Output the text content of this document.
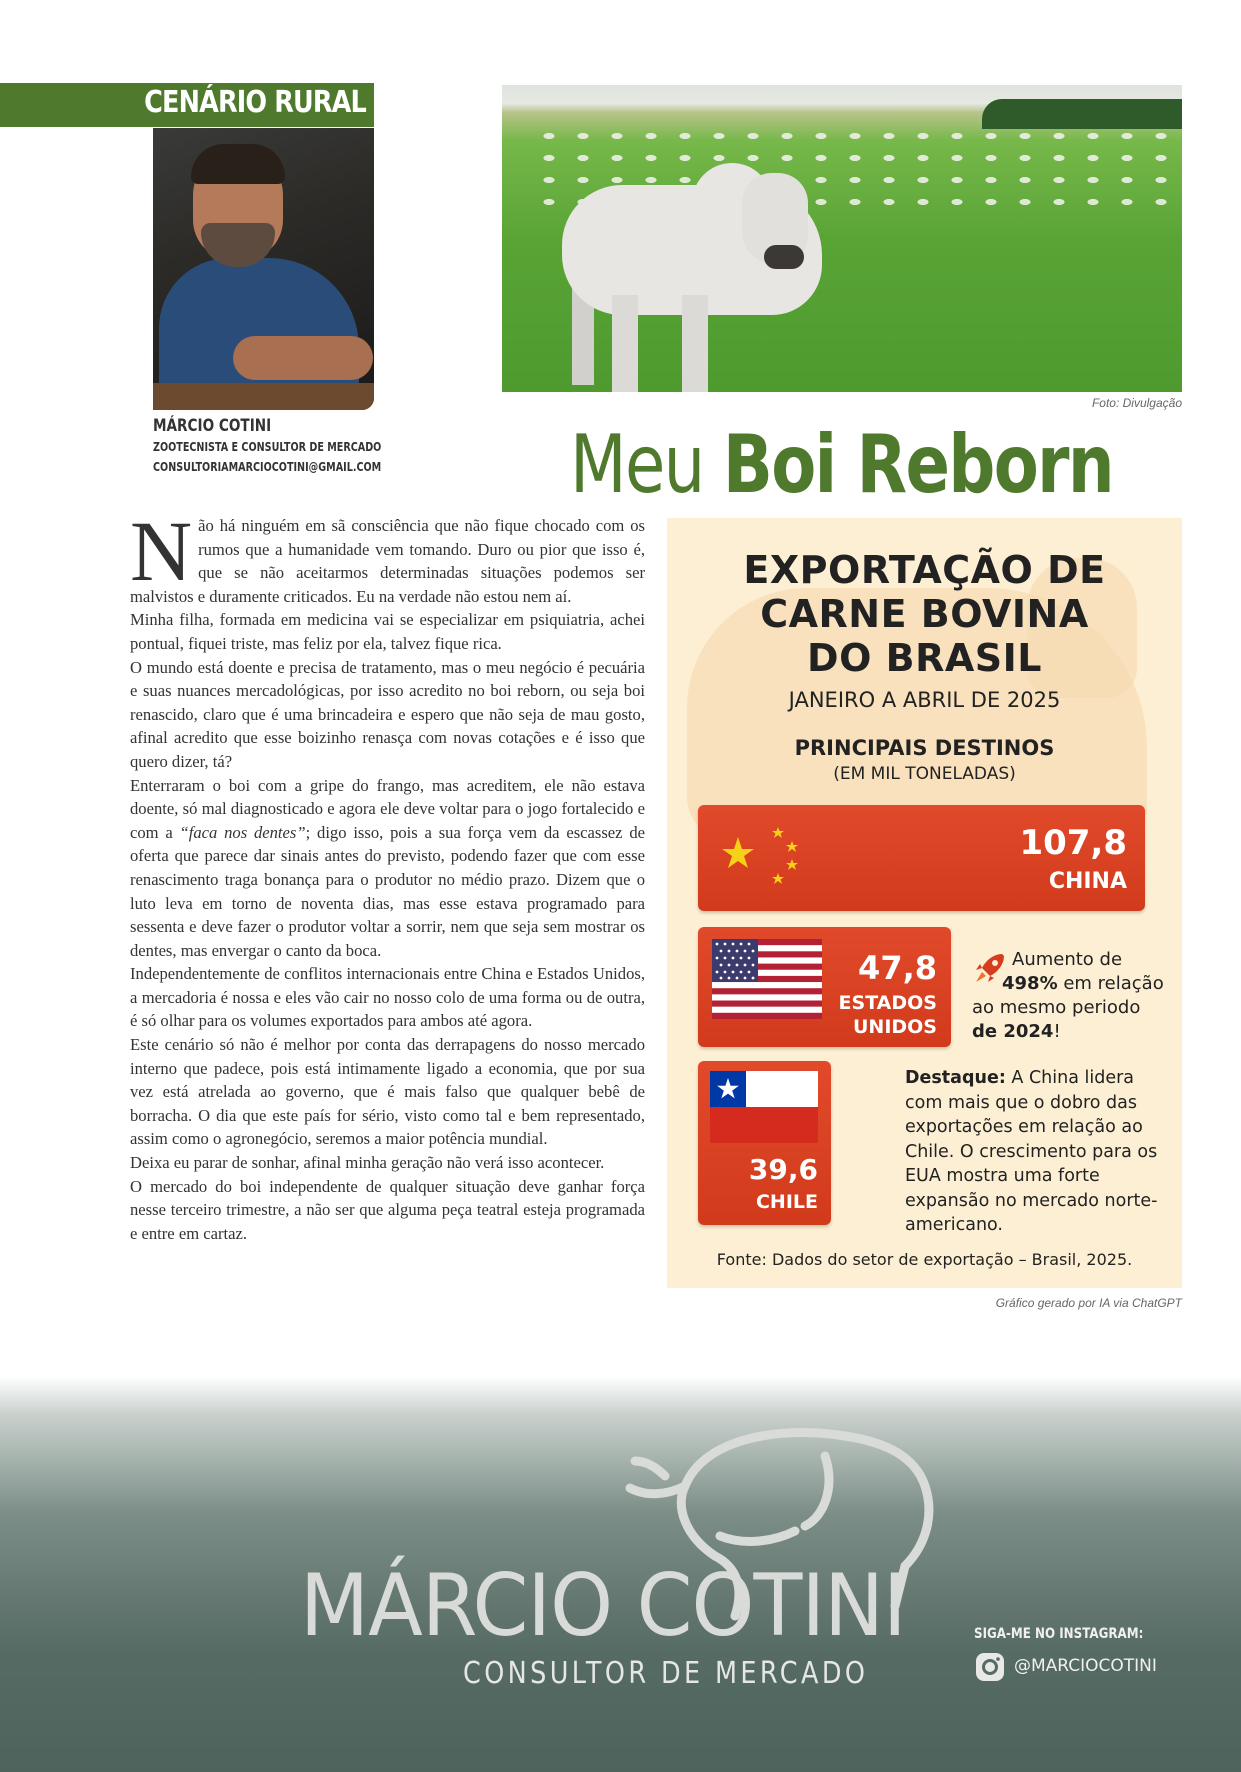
CENÁRIO RURAL
MÁRCIO COTINI
ZOOTECNISTA E CONSULTOR DE MERCADO
CONSULTORIAMARCIOCOTINI@GMAIL.COM
Foto: Divulgação
Meu Boi Reborn

Não há ninguém em sã consciência que não fique chocado com os rumos que a humanidade vem tomando. Duro ou pior que isso é, que se não aceitarmos determinadas situações podemos ser malvistos e duramente criticados. Eu na verdade não estou nem aí.

Minha filha, formada em medicina vai se especializar em psiquiatria, achei pontual, fiquei triste, mas feliz por ela, talvez fique rica.

O mundo está doente e precisa de tratamento, mas o meu negócio é pecuária e suas nuances mercadológicas, por isso acredito no boi reborn, ou seja boi renascido, claro que é uma brincadeira e espero que não seja de mau gosto, afinal acredito que esse boizinho renasça com novas cotações e é isso que quero dizer, tá?

Enterraram o boi com a gripe do frango, mas acreditem, ele não estava doente, só mal diagnosticado e agora ele deve voltar para o jogo fortalecido e com a “faca nos dentes”; digo isso, pois a sua força vem da escassez de oferta que parece dar sinais antes do previsto, podendo fazer que com esse renascimento traga bonança para o produtor no médio prazo. Dizem que o luto leva em torno de noventa dias, mas esse estava programado para sessenta e deve fazer o produtor voltar a sorrir, nem que seja sem mostrar os dentes, mas envergar o canto da boca.

Independentemente de conflitos internacionais entre China e Estados Unidos, a mercadoria é nossa e eles vão cair no nosso colo de uma forma ou de outra, é só olhar para os volumes exportados para ambos até agora.

Este cenário só não é melhor por conta das derrapagens do nosso mercado interno que padece, pois está intimamente ligado a economia, que por sua vez está atrelada ao governo, que é mais falso que qualquer bebê de borracha. O dia que este país for sério, visto como tal e bem representado, assim como o agronegócio, seremos a maior potência mundial.

Deixa eu parar de sonhar, afinal minha geração não verá isso acontecer.

O mercado do boi independente de qualquer situação deve ganhar força nesse terceiro trimestre, a não ser que alguma peça teatral esteja programada e entre em cartaz.

EXPORTAÇÃO DE
CARNE BOVINA
DO BRASIL
JANEIRO A ABRIL DE 2025
PRINCIPAIS DESTINOS
(EM MIL TONELADAS)
107,8
CHINA
47,8
ESTADOS UNIDOS
Aumento de
498% em relação
ao mesmo periodo
de 2024!
39,6
CHILE
Destaque: A China lidera com mais que o dobro das exportações em relação ao Chile. O crescimento para os EUA mostra uma forte expansão no mercado norte-americano.
Fonte: Dados do setor de exportação – Brasil, 2025.
Gráfico gerado por IA via ChatGPT
MÁRCIO COTINI
CONSULTOR DE MERCADO
SIGA-ME NO INSTAGRAM:
@MARCIOCOTINI
